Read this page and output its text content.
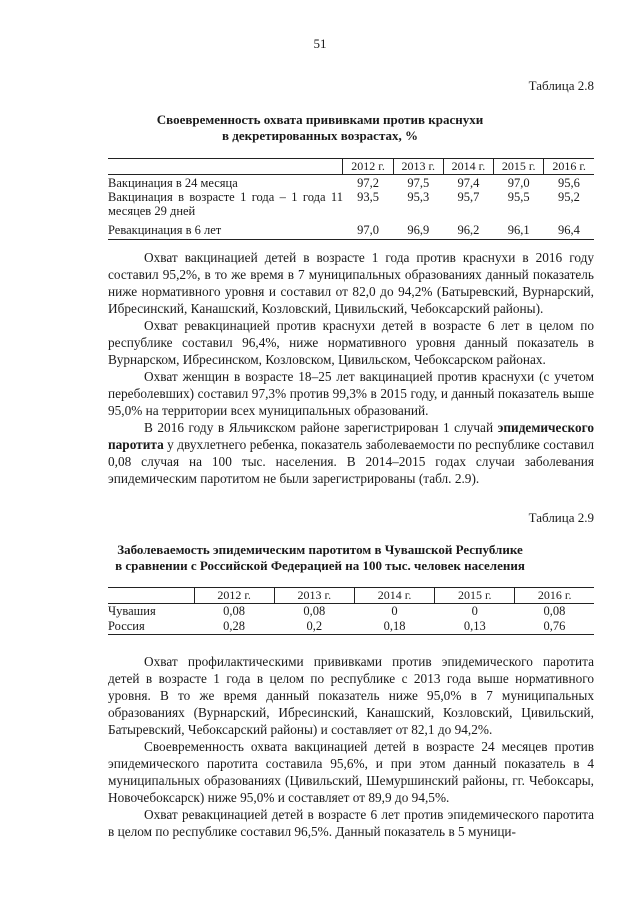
51
Таблица 2.8
Своевременность охвата прививками против краснухи
в декретированных возрастах, %
	2012 г.	2013 г.	2014 г.	2015 г.	2016 г.
Вакцинация в 24 месяца	97,2	97,5	97,4	97,0	95,6
Вакцинация в возрасте 1 года – 1 года 11 месяцев 29 дней	93,5	95,3	95,7	95,5	95,2
Ревакцинация в 6 лет	97,0	96,9	96,2	96,1	96,4

Охват вакцинацией детей в возрасте 1 года против краснухи в 2016 году составил 95,2%, в то же время в 7 муниципальных образованиях данный показатель ниже нормативного уровня и составил от 82,0 до 94,2% (Батыревский, Вурнарский, Ибресинский, Канашский, Козловский, Цивильский, Чебоксарский районы).

Охват ревакцинацией против краснухи детей в возрасте 6 лет в целом по республике составил 96,4%, ниже нормативного уровня данный показатель в Вурнарском, Ибресинском, Козловском, Цивильском, Чебоксарском районах.

Охват женщин в возрасте 18–25 лет вакцинацией против краснухи (с учетом переболевших) составил 97,3% против 99,3% в 2015 году, и данный показатель выше 95,0% на территории всех муниципальных образований.

В 2016 году в Яльчикском районе зарегистрирован 1 случай эпидемического паротита у двухлетнего ребенка, показатель заболеваемости по республике составил 0,08 случая на 100 тыс. населения. В 2014–2015 годах случаи заболевания эпидемическим паротитом не были зарегистрированы (табл. 2.9).

Таблица 2.9
Заболеваемость эпидемическим паротитом в Чувашской Республике
в сравнении с Российской Федерацией на 100 тыс. человек населения
	2012 г.	2013 г.	2014 г.	2015 г.	2016 г.
Чувашия	0,08	0,08	0	0	0,08
Россия	0,28	0,2	0,18	0,13	0,76

Охват профилактическими прививками против эпидемического паротита детей в возрасте 1 года в целом по республике с 2013 года выше нормативного уровня. В то же время данный показатель ниже 95,0% в 7 муниципальных образованиях (Вурнарский, Ибресинский, Канашский, Козловский, Цивильский, Батыревский, Чебоксарский районы) и составляет от 82,1 до 94,2%.

Своевременность охвата вакцинацией детей в возрасте 24 месяцев против эпидемического паротита составила 95,6%, и при этом данный показатель в 4 муниципальных образованиях (Цивильский, Шемуршинский районы, гг. Чебоксары, Новочебоксарск) ниже 95,0% и составляет от 89,9 до 94,5%.

Охват ревакцинацией детей в возрасте 6 лет против эпидемического паротита в целом по республике составил 96,5%. Данный показатель в 5 муници-
